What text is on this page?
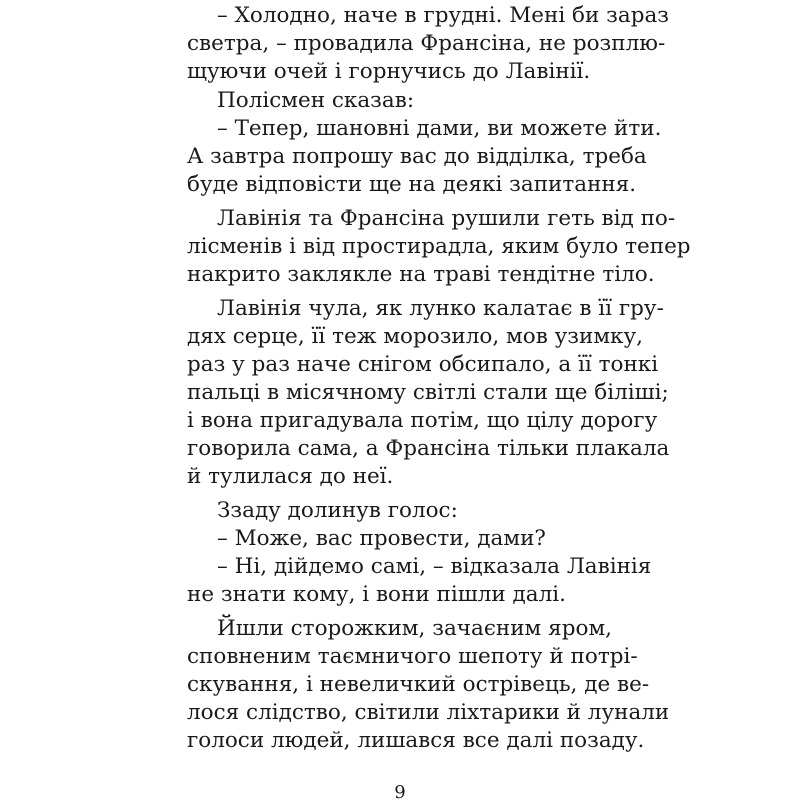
– Холодно, наче в грудні. Мені би зараз
светра, – провадила Франсіна, не розплю-
щуючи очей і горнучись до Лавінії.
Полісмен сказав:
– Тепер, шановні дами, ви можете йти.
А завтра попрошу вас до відділка, треба
буде відповісти ще на деякі запитання.
Лавінія та Франсіна рушили геть від по-
лісменів і від простирадла, яким було тепер
накрито заклякле на траві тендітне тіло.
Лавінія чула, як лунко калатає в її гру-
дях серце, її теж морозило, мов узимку,
раз у раз наче снігом обсипало, а її тонкі
пальці в місячному світлі стали ще біліші;
і вона пригадувала потім, що цілу дорогу
говорила сама, а Франсіна тільки плакала
й тулилася до неї.
Ззаду долинув голос:
– Може, вас провести, дами?
– Ні, дійдемо самі, – відказала Лавінія
не знати кому, і вони пішли далі.
Йшли сторожким, зачаєним яром,
сповненим таємничого шепоту й потрі-
скування, і невеличкий острівець, де ве-
лося слідство, світили ліхтарики й лунали
голоси людей, лишався все далі позаду.
9
